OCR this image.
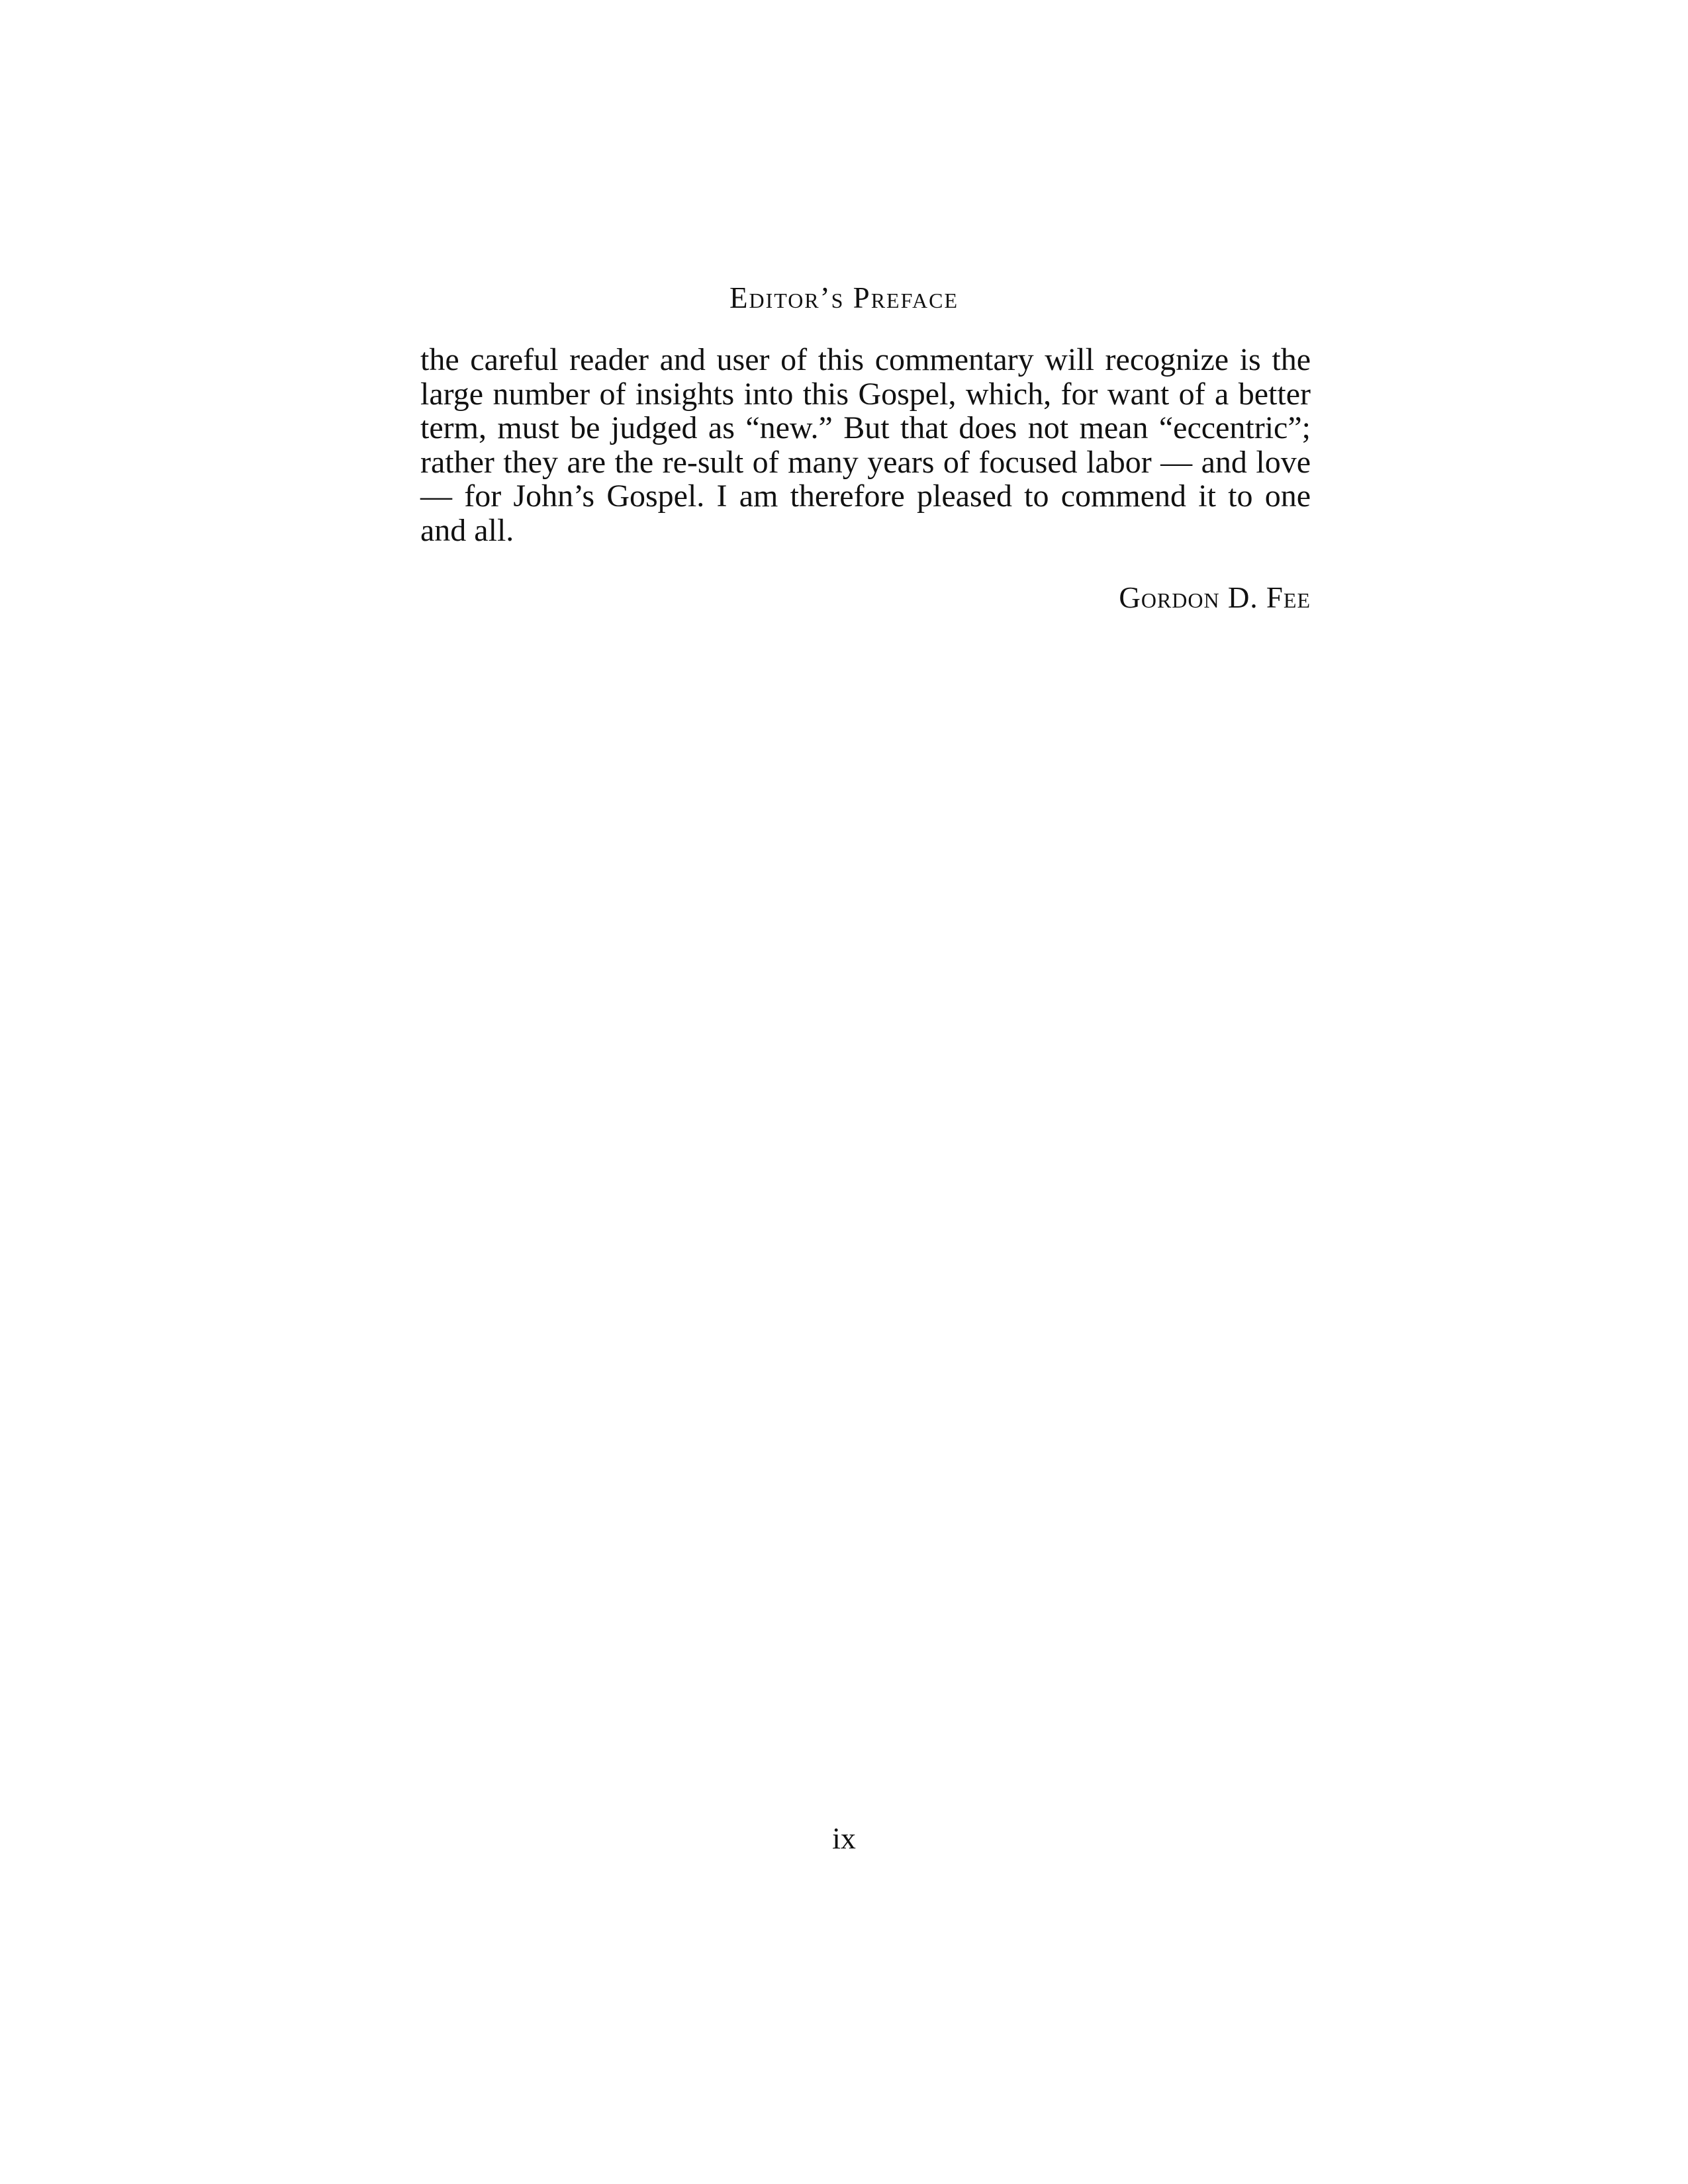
Editor’s Preface

the careful reader and user of this commentary will recognize is the large number of insights into this Gospel, which, for want of a better term, must be judged as “new.” But that does not mean “eccentric”; rather they are the re-sult of many years of focused labor — and love — for John’s Gospel. I am therefore pleased to commend it to one and all.

Gordon D. Fee
ix
